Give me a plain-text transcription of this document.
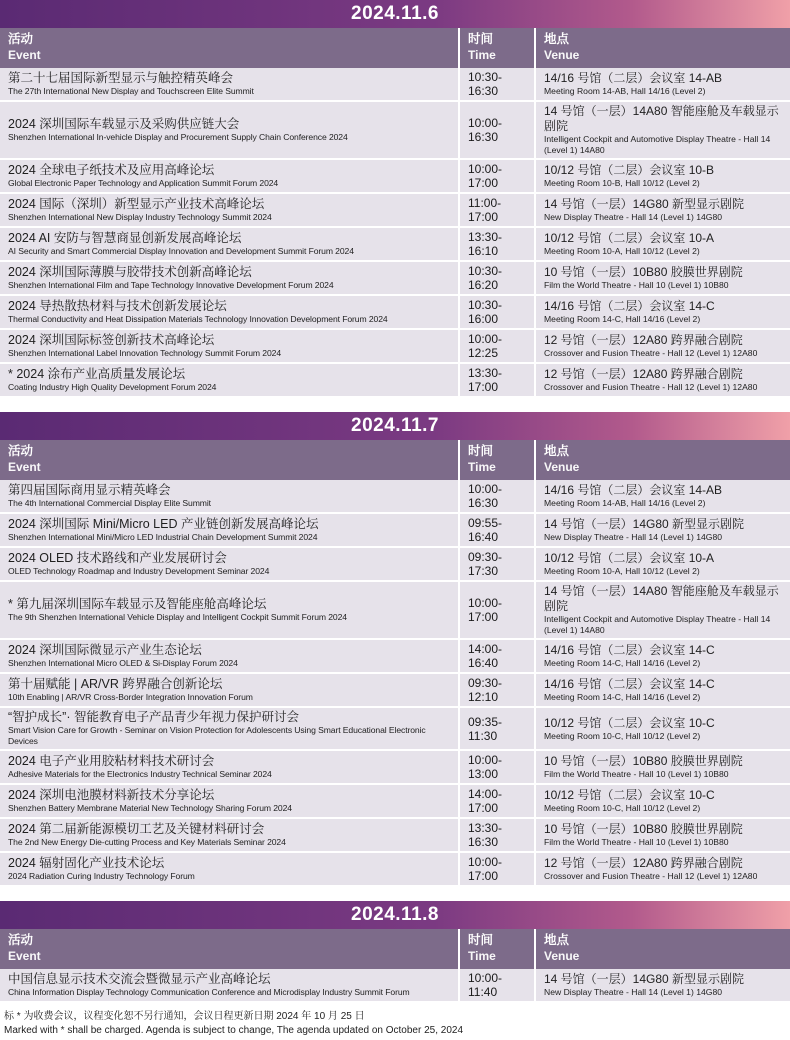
2024.11.6
活动
Event
时间
Time
地点
Venue
第二十七届国际新型显示与触控精英峰会
The 27th International New Display and Touchscreen Elite Summit
10:30-16:30
14/16 号馆（二层）会议室 14-AB
Meeting Room 14-AB, Hall 14/16 (Level 2)
2024 深圳国际车载显示及采购供应链大会
Shenzhen International In-vehicle Display and Procurement Supply Chain Conference 2024
10:00-16:30
14 号馆（一层）14A80 智能座舱及车载显示剧院
Intelligent Cockpit and Automotive Display Theatre - Hall 14 (Level 1) 14A80
2024 全球电子纸技术及应用高峰论坛
Global Electronic Paper Technology and Application Summit Forum 2024
10:00-17:00
10/12 号馆（二层）会议室 10-B
Meeting Room 10-B, Hall 10/12 (Level 2)
2024 国际（深圳）新型显示产业技术高峰论坛
Shenzhen International New Display Industry Technology Summit 2024
11:00-17:00
14 号馆（一层）14G80 新型显示剧院
New Display Theatre - Hall 14 (Level 1) 14G80
2024 AI 安防与智慧商显创新发展高峰论坛
AI Security and Smart Commercial Display Innovation and Development Summit Forum 2024
13:30-16:10
10/12 号馆（二层）会议室 10-A
Meeting Room 10-A, Hall 10/12 (Level 2)
2024 深圳国际薄膜与胶带技术创新高峰论坛
Shenzhen International Film and Tape Technology Innovative Development Forum 2024
10:30-16:20
10 号馆（一层）10B80 胶膜世界剧院
Film the World Theatre - Hall 10 (Level 1) 10B80
2024 导热散热材料与技术创新发展论坛
Thermal Conductivity and Heat Dissipation Materials Technology Innovation Development Forum 2024
10:30-16:00
14/16 号馆（二层）会议室 14-C
Meeting Room 14-C, Hall 14/16 (Level 2)
2024 深圳国际标签创新技术高峰论坛
Shenzhen International Label Innovation Technology Summit Forum 2024
10:00-12:25
12 号馆（一层）12A80 跨界融合剧院
Crossover and Fusion Theatre - Hall 12 (Level 1) 12A80
* 2024 涂布产业高质量发展论坛
Coating Industry High Quality Development Forum 2024
13:30-17:00
12 号馆（一层）12A80 跨界融合剧院
Crossover and Fusion Theatre - Hall 12 (Level 1) 12A80
2024.11.7
活动
Event
时间
Time
地点
Venue
第四届国际商用显示精英峰会
The 4th International Commercial Display Elite Summit
10:00-16:30
14/16 号馆（二层）会议室 14-AB
Meeting Room 14-AB, Hall 14/16 (Level 2)
2024 深圳国际 Mini/Micro LED 产业链创新发展高峰论坛
Shenzhen International Mini/Micro LED Industrial Chain Development Summit 2024
09:55-16:40
14 号馆（一层）14G80 新型显示剧院
New Display Theatre - Hall 14 (Level 1) 14G80
2024 OLED 技术路线和产业发展研讨会
OLED Technology Roadmap and Industry Development Seminar 2024
09:30-17:30
10/12 号馆（二层）会议室 10-A
Meeting Room 10-A, Hall 10/12 (Level 2)
* 第九届深圳国际车载显示及智能座舱高峰论坛
The 9th Shenzhen International Vehicle Display and Intelligent Cockpit Summit Forum 2024
10:00-17:00
14 号馆（一层）14A80 智能座舱及车载显示剧院
Intelligent Cockpit and Automotive Display Theatre - Hall 14 (Level 1) 14A80
2024 深圳国际微显示产业生态论坛
Shenzhen International Micro OLED & Si-Display Forum 2024
14:00-16:40
14/16 号馆（二层）会议室 14-C
Meeting Room 14-C, Hall 14/16 (Level 2)
第十届赋能 | AR/VR 跨界融合创新论坛
10th Enabling | AR/VR Cross-Border Integration Innovation Forum
09:30-12:10
14/16 号馆（二层）会议室 14-C
Meeting Room 14-C, Hall 14/16 (Level 2)
“智护成长”· 智能教育电子产品青少年视力保护研讨会
Smart Vision Care for Growth - Seminar on Vision Protection for Adolescents Using Smart Educational Electronic Devices
09:35-11:30
10/12 号馆（二层）会议室 10-C
Meeting Room 10-C, Hall 10/12 (Level 2)
2024 电子产业用胶粘材料技术研讨会
Adhesive Materials for the Electronics Industry Technical Seminar 2024
10:00-13:00
10 号馆（一层）10B80 胶膜世界剧院
Film the World Theatre - Hall 10 (Level 1) 10B80
2024 深圳电池膜材料新技术分享论坛
Shenzhen Battery Membrane Material New Technology Sharing Forum 2024
14:00-17:00
10/12 号馆（二层）会议室 10-C
Meeting Room 10-C, Hall 10/12 (Level 2)
2024 第二届新能源模切工艺及关键材料研讨会
The 2nd New Energy Die-cutting Process and Key Materials Seminar 2024
13:30-16:30
10 号馆（一层）10B80 胶膜世界剧院
Film the World Theatre - Hall 10 (Level 1) 10B80
2024 辐射固化产业技术论坛
2024 Radiation Curing Industry Technology Forum
10:00-17:00
12 号馆（一层）12A80 跨界融合剧院
Crossover and Fusion Theatre - Hall 12 (Level 1) 12A80
2024.11.8
活动
Event
时间
Time
地点
Venue
中国信息显示技术交流会暨微显示产业高峰论坛
China Information Display Technology Communication Conference and Microdisplay Industry Summit Forum
10:00-11:40
14 号馆（一层）14G80 新型显示剧院
New Display Theatre - Hall 14 (Level 1) 14G80
标 * 为收费会议，议程变化恕不另行通知，会议日程更新日期 2024 年 10 月 25 日
Marked with * shall be charged. Agenda is subject to change, The agenda updated on October 25, 2024
